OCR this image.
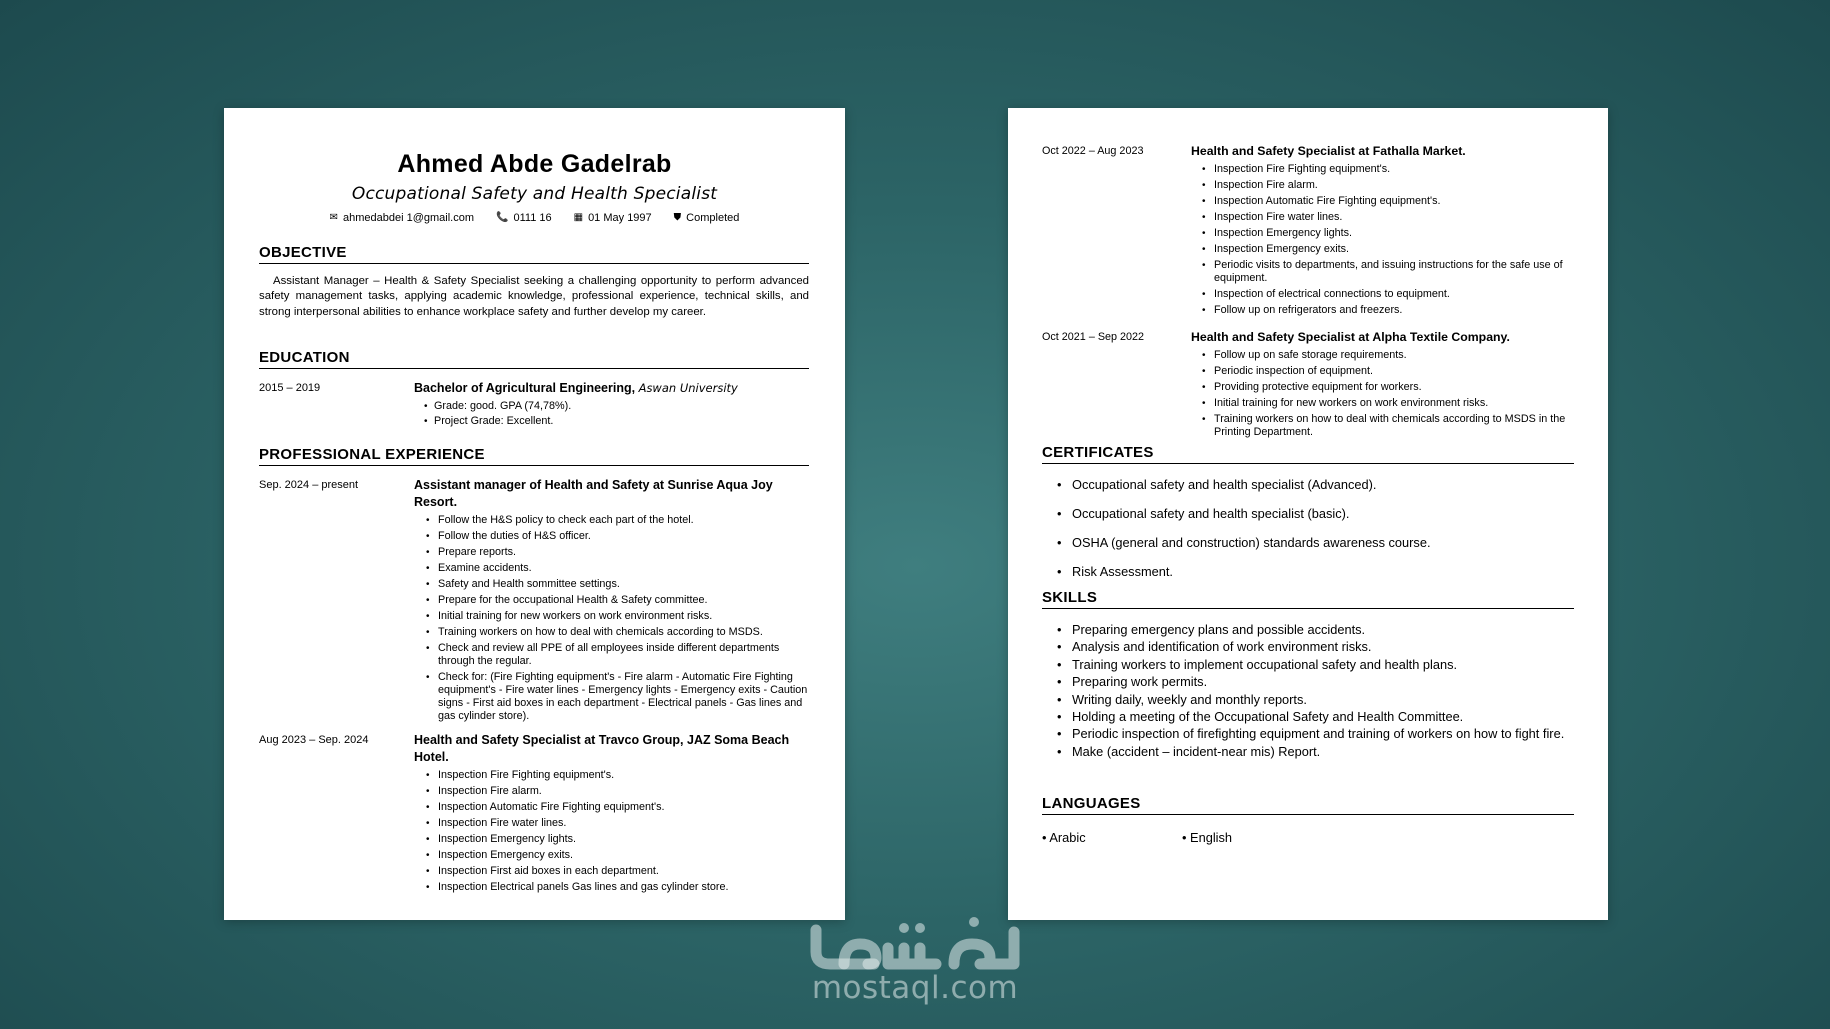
Ahmed Abde Gadelrab
Occupational Safety and Health Specialist
✉ ahmedabdei 1@gmail.com 📞 0111 16 ▦ 01 May 1997 ⛊ Completed
OBJECTIVE
Assistant Manager – Health & Safety Specialist seeking a challenging opportunity to perform advanced safety management tasks, applying academic knowledge, professional experience, technical skills, and strong interpersonal abilities to enhance workplace safety and further develop my career.
EDUCATION
2015 – 2019	Bachelor of Agricultural Engineering, Aswan University
• Grade: good. GPA (74,78%).
• Project Grade: Excellent.
PROFESSIONAL EXPERIENCE
Sep. 2024 – present	Assistant manager of Health and Safety at Sunrise Aqua Joy Resort.
• Follow the H&S policy to check each part of the hotel.
• Follow the duties of H&S officer.
• Prepare reports.
• Examine accidents.
• Safety and Health sommittee settings.
• Prepare for the occupational Health & Safety committee.
• Initial training for new workers on work environment risks.
• Training workers on how to deal with chemicals according to MSDS.
• Check and review all PPE of all employees inside different departments through the regular.
• Check for: (Fire Fighting equipment's - Fire alarm - Automatic Fire Fighting equipment's - Fire water lines - Emergency lights - Emergency exits - Caution signs - First aid boxes in each department - Electrical panels - Gas lines and gas cylinder store).
Aug 2023 – Sep. 2024	Health and Safety Specialist at Travco Group, JAZ Soma Beach Hotel.
• Inspection Fire Fighting equipment's.
• Inspection Fire alarm.
• Inspection Automatic Fire Fighting equipment's.
• Inspection Fire water lines.
• Inspection Emergency lights.
• Inspection Emergency exits.
• Inspection First aid boxes in each department.
• Inspection Electrical panels Gas lines and gas cylinder store.
Oct 2022 – Aug 2023	Health and Safety Specialist at Fathalla Market.
• Inspection Fire Fighting equipment's.
• Inspection Fire alarm.
• Inspection Automatic Fire Fighting equipment's.
• Inspection Fire water lines.
• Inspection Emergency lights.
• Inspection Emergency exits.
• Periodic visits to departments, and issuing instructions for the safe use of equipment.
• Inspection of electrical connections to equipment.
• Follow up on refrigerators and freezers.
Oct 2021 – Sep 2022	Health and Safety Specialist at Alpha Textile Company.
• Follow up on safe storage requirements.
• Periodic inspection of equipment.
• Providing protective equipment for workers.
• Initial training for new workers on work environment risks.
• Training workers on how to deal with chemicals according to MSDS in the Printing Department.
CERTIFICATES
• Occupational safety and health specialist (Advanced).
• Occupational safety and health specialist (basic).
• OSHA (general and construction) standards awareness course.
• Risk Assessment.
SKILLS
• Preparing emergency plans and possible accidents.
• Analysis and identification of work environment risks.
• Training workers to implement occupational safety and health plans.
• Preparing work permits.
• Writing daily, weekly and monthly reports.
• Holding a meeting of the Occupational Safety and Health Committee.
• Periodic inspection of firefighting equipment and training of workers on how to fight fire.
• Make (accident – incident-near mis) Report.
LANGUAGES
• Arabic	• English
mostaql.com
